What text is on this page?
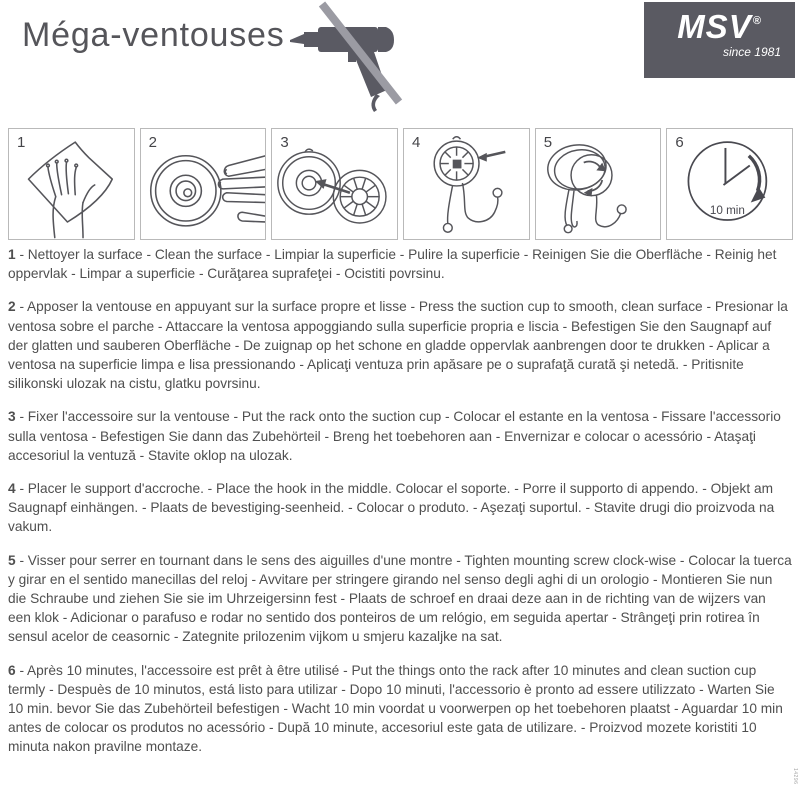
Méga-ventouses	MSV®
since 1981
1	2	3	4	5	6
10 min

1 - Nettoyer la surface - Clean the surface - Limpiar la superficie - Pulire la superficie - Reinigen Sie die Oberfläche - Reinig het oppervlak - Limpar a superficie - Curăţarea suprafeţei - Ocistiti povrsinu.

2 - Apposer la ventouse en appuyant sur la surface propre et lisse - Press the suction cup to smooth, clean surface - Presionar la ventosa sobre el parche - Attaccare la ventosa appoggiando sulla superficie propria e liscia - Befestigen Sie den Saugnapf auf der glatten und sauberen Oberfläche - De zuignap op het schone en gladde oppervlak aanbrengen door te drukken - Aplicar a ventosa na superficie limpa e lisa pressionando - Aplicaţi ventuza prin apăsare pe o suprafaţă curată şi netedă. - Pritisnite silikonski ulozak na cistu, glatku povrsinu.

3 - Fixer l'accessoire sur la ventouse - Put the rack onto the suction cup - Colocar el estante en la ventosa - Fissare l'accessorio sulla ventosa - Befestigen Sie dann das Zubehörteil - Breng het toebehoren aan - Envernizar e colocar o acessório - Ataşaţi accesoriul la ventuză - Stavite oklop na ulozak.

4 - Placer le support d'accroche. - Place the hook in the middle. Colocar el soporte. - Porre il supporto di appendo. - Objekt am Saugnapf einhängen. - Plaats de bevestiging-seenheid. - Colocar o produto. - Aşezaţi suportul. - Stavite drugi dio proizvoda na vakum.

5 - Visser pour serrer en tournant dans le sens des aiguilles d'une montre - Tighten mounting screw clock-wise - Colocar la tuerca y girar en el sentido manecillas del reloj - Avvitare per stringere girando nel senso degli aghi di un orologio - Montieren Sie nun die Schraube und ziehen Sie sie im Uhrzeigersinn fest - Plaats de schroef en draai deze aan in de richting van de wijzers van een klok - Adicionar o parafuso e rodar no sentido dos ponteiros de um relógio, em seguida apertar - Strângeţi prin rotirea în sensul acelor de ceasornic - Zategnite prilozenim vijkom u smjeru kazaljke na sat.

6 - Après 10 minutes, l'accessoire est prêt à être utilisé - Put the things onto the rack after 10 minutes and clean suction cup termly - Despuès de 10 minutos, está listo para utilizar - Dopo 10 minuti, l'accessorio è pronto ad essere utilizzato - Warten Sie 10 min. bevor Sie das Zubehörteil befestigen - Wacht 10 min voordat u voorwerpen op het toebehoren plaatst - Aguardar 10 min antes de colocar os produtos no acessório - După 10 minute, accesoriul este gata de utilizare. - Proizvod mozete koristiti 10 minuta nakon pravilne montaze.

14296
